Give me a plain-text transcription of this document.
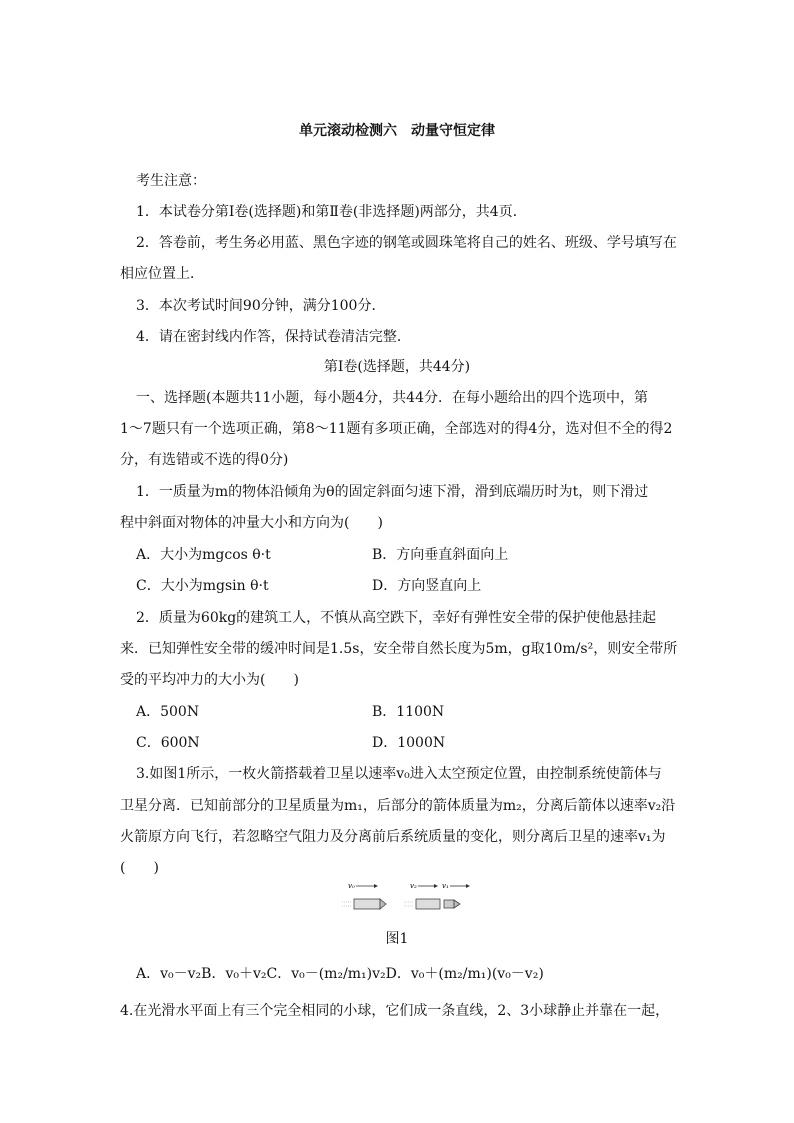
单元滚动检测六　动量守恒定律
考生注意：
1．本试卷分第Ⅰ卷(选择题)和第Ⅱ卷(非选择题)两部分，共4页．
2．答卷前，考生务必用蓝、黑色字迹的钢笔或圆珠笔将自己的姓名、班级、学号填写在
相应位置上．
3．本次考试时间90分钟，满分100分．
4．请在密封线内作答，保持试卷清洁完整．
第Ⅰ卷(选择题，共44分)
一、选择题(本题共11小题，每小题4分，共44分．在每小题给出的四个选项中，第
1～7题只有一个选项正确，第8～11题有多项正确，全部选对的得4分，选对但不全的得2
分，有选错或不选的得0分)
1．一质量为m的物体沿倾角为θ的固定斜面匀速下滑，滑到底端历时为t，则下滑过
程中斜面对物体的冲量大小和方向为(　　)
A．大小为mgcos θ·t	B．方向垂直斜面向上
C．大小为mgsin θ·t	D．方向竖直向上
2．质量为60kg的建筑工人，不慎从高空跌下，幸好有弹性安全带的保护使他悬挂起
来．已知弹性安全带的缓冲时间是1.5s，安全带自然长度为5m，g取10m/s²，则安全带所
受的平均冲力的大小为(　　)
A．500N	B．1100N
C．600N	D．1000N
3.如图1所示，一枚火箭搭载着卫星以速率v₀进入太空预定位置，由控制系统使箭体与
卫星分离．已知前部分的卫星质量为m₁，后部分的箭体质量为m₂，分离后箭体以速率v₂沿
火箭原方向飞行，若忽略空气阻力及分离前后系统质量的变化，则分离后卫星的速率v₁为
(　　)
v₀	v₂	v₁
图1
A．v₀－v₂B．v₀＋v₂C．v₀－(m₂/m₁)v₂D．v₀＋(m₂/m₁)(v₀－v₂)
4.在光滑水平面上有三个完全相同的小球，它们成一条直线，2、3小球静止并靠在一起，
